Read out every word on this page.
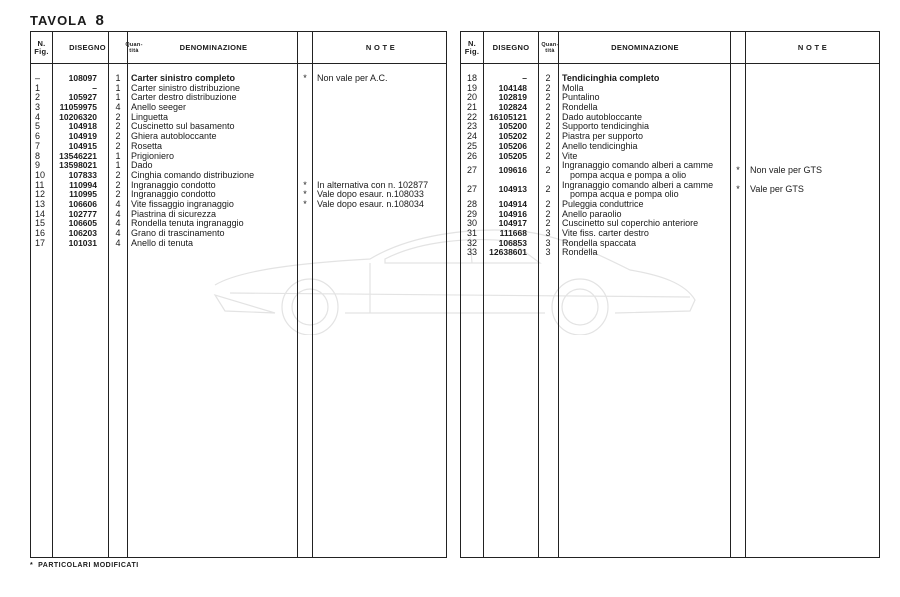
TAVOLA 8
N. Fig.	DISEGNO	Quan-tità	DENOMINAZIONE	N O T E
–	108097	1	Carter sinistro completo	*	Non vale per A.C.
1	–	1	Carter sinistro distribuzione
2	105927	1	Carter destro distribuzione
3	11059975	4	Anello seeger
4	10206320	2	Linguetta
5	104918	2	Cuscinetto sul basamento
6	104919	2	Ghiera autobloccante
7	104915	2	Rosetta
8	13546221	1	Prigioniero
9	13598021	1	Dado
10	107833	2	Cinghia comando distribuzione
11	110994	2	Ingranaggio condotto	*	In alternativa con n. 102877
12	110995	2	Ingranaggio condotto	*	Vale dopo esaur. n.108033
13	106606	4	Vite fissaggio ingranaggio	*	Vale dopo esaur. n.108034
14	102777	4	Piastrina di sicurezza
15	106605	4	Rondella tenuta ingranaggio
16	106203	4	Grano di trascinamento
17	101031	4	Anello di tenuta
N. Fig.	DISEGNO	Quan-tità	DENOMINAZIONE	N O T E
18	–	2	Tendicinghia completo
19	104148	2	Molla
20	102819	2	Puntalino
21	102824	2	Rondella
22	16105121	2	Dado autobloccante
23	105200	2	Supporto tendicinghia
24	105202	2	Piastra per supporto
25	105206	2	Anello tendicinghia
26	105205	2	Vite
27	109616	2	Ingranaggio comando alberi a camme
pompa acqua e pompa a olio	*	Non vale per GTS
27	104913	2	Ingranaggio comando alberi a camme
pompa acqua e pompa olio	*	Vale per GTS
28	104914	2	Puleggia conduttrice
29	104916	2	Anello paraolio
30	104917	2	Cuscinetto sul coperchio anteriore
31	111668	3	Vite fiss. carter destro
32	106853	3	Rondella spaccata
33	12638601	3	Rondella
* PARTICOLARI MODIFICATI
